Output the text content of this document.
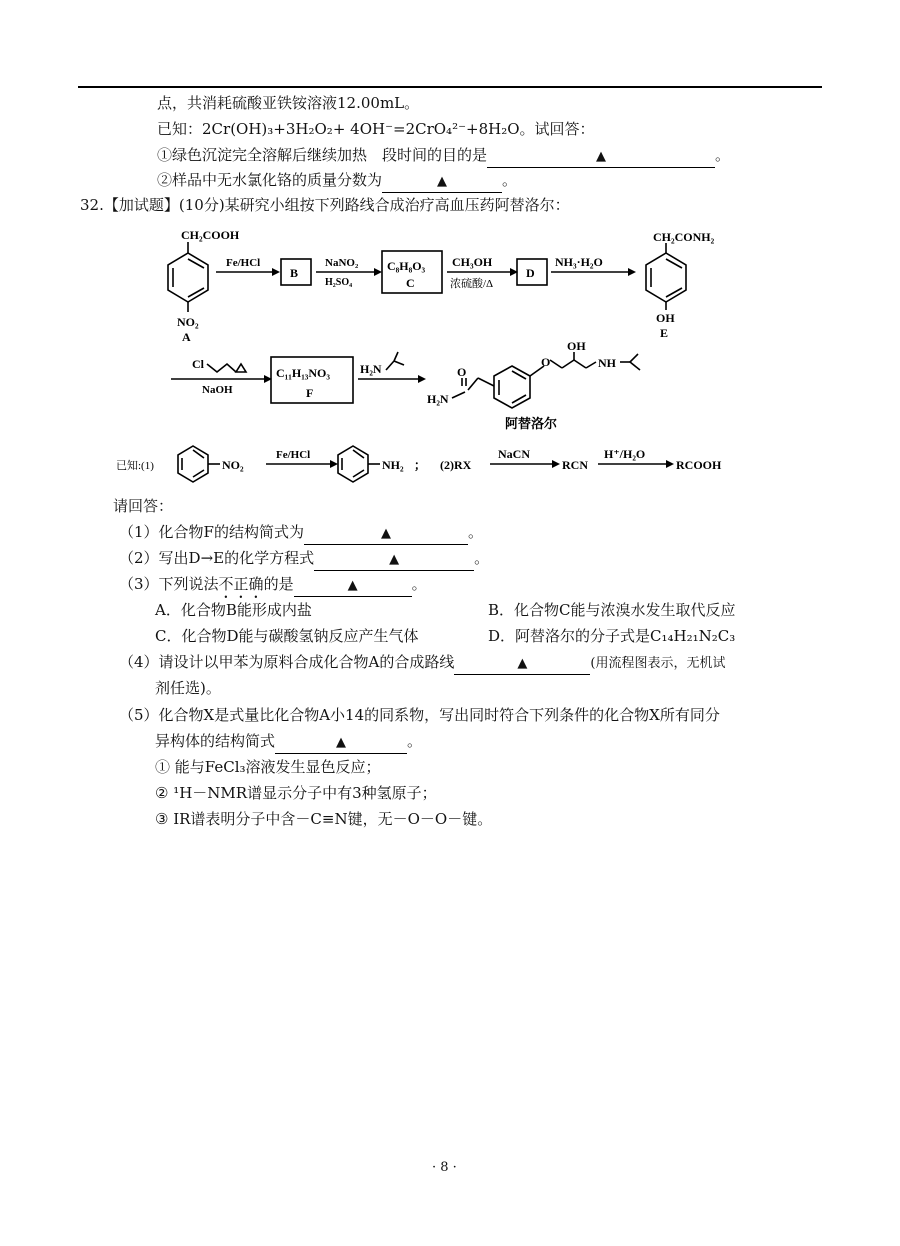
点，共消耗硫酸亚铁铵溶液12.00mL。
已知：2Cr(OH)₃+3H₂O₂+ 4OH⁻=2CrO₄²⁻+8H₂O。试回答：
①绿色沉淀完全溶解后继续加热　段时间的目的是	▲	。
②样品中无水氯化铬的质量分数为	▲	。
32.【加试题】(10分)某研究小组按下列路线合成治疗高血压药阿替洛尔：
CH₂COOH
NO₂
A
Fe/HCl
B
NaNO₂
H₂SO₄
C₈H₈O₃
C
CH₃OH
浓硫酸/Δ
D
NH₃·H₂O
CH₂CONH₂
OH
E
Cl
NaOH
C₁₁H₁₃NO₃
F
H₂N
OH
NH
O
O
H₂N
阿替洛尔
已知:(1)	NO₂
Fe/HCl
NH₂ ； (2)RX
NaCN
RCN
H⁺/H₂O
RCOOH
请回答：
（1）化合物F的结构简式为	▲	。
（2）写出D→E的化学方程式	▲	。
（3）下列说法不正确的是	▲	。
A．化合物B能形成内盐	B．化合物C能与浓溴水发生取代反应
C．化合物D能与碳酸氢钠反应产生气体	D．阿替洛尔的分子式是C₁₄H₂₁N₂C₃
（4）请设计以甲苯为原料合成化合物A的合成路线	▲	(用流程图表示，无机试
剂任选)。
（5）化合物X是式量比化合物A小14的同系物，写出同时符合下列条件的化合物X所有同分
异构体的结构简式	▲	。
① 能与FeCl₃溶液发生显色反应；
② ¹H－NMR谱显示分子中有3种氢原子；
③ IR谱表明分子中含－C≡N键，无－O－O－键。
· 8 ·
